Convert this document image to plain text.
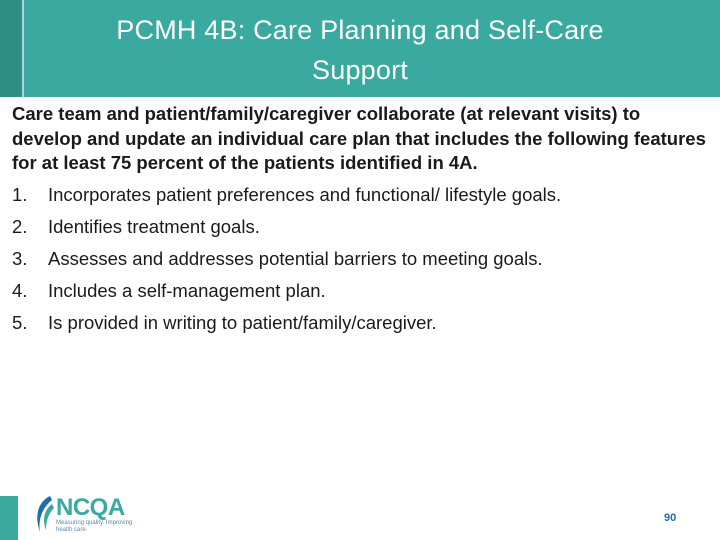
PCMH 4B: Care Planning and Self-Care
Support

Care team and patient/family/caregiver collaborate (at relevant visits) to develop and update an individual care plan that includes the following features for at least 75 percent of the patients identified in 4A.

1.	Incorporates patient preferences and functional/ lifestyle goals.
2.	Identifies treatment goals.
3.	Assesses and addresses potential barriers to meeting goals.
4.	Includes a self-management plan.
5.	Is provided in writing to patient/family/caregiver.
NCQA
Measuring quality. Improving health care.
90
